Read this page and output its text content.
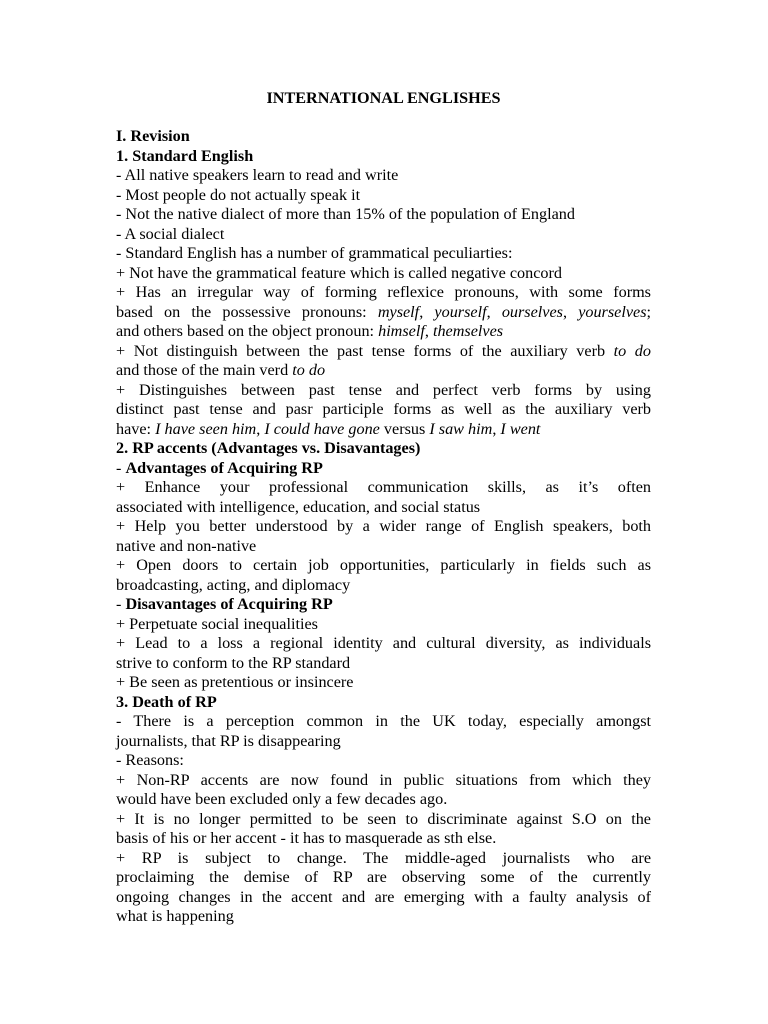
INTERNATIONAL ENGLISHES
I. Revision
1. Standard English
- All native speakers learn to read and write
- Most people do not actually speak it
- Not the native dialect of more than 15% of the population of England
- A social dialect
- Standard English has a number of grammatical peculiarties:
+ Not have the grammatical feature which is called negative concord
+ Has an irregular way of forming reflexice pronouns, with some forms
based on the possessive pronouns: myself, yourself, ourselves, yourselves;
and others based on the object pronoun: himself, themselves
+ Not distinguish between the past tense forms of the auxiliary verb to do
and those of the main verd to do
+ Distinguishes between past tense and perfect verb forms by using
distinct past tense and pasr participle forms as well as the auxiliary verb
have: I have seen him, I could have gone versus I saw him, I went
2. RP accents (Advantages vs. Disavantages)
- Advantages of Acquiring RP
+ Enhance your professional communication skills, as it’s often
associated with intelligence, education, and social status
+ Help you better understood by a wider range of English speakers, both
native and non-native
+ Open doors to certain job opportunities, particularly in fields such as
broadcasting, acting, and diplomacy
- Disavantages of Acquiring RP
+ Perpetuate social inequalities
+ Lead to a loss a regional identity and cultural diversity, as individuals
strive to conform to the RP standard
+ Be seen as pretentious or insincere
3. Death of RP
- There is a perception common in the UK today, especially amongst
journalists, that RP is disappearing
- Reasons:
+ Non-RP accents are now found in public situations from which they
would have been excluded only a few decades ago.
+ It is no longer permitted to be seen to discriminate against S.O on the
basis of his or her accent - it has to masquerade as sth else.
+ RP is subject to change. The middle-aged journalists who are
proclaiming the demise of RP are observing some of the currently
ongoing changes in the accent and are emerging with a faulty analysis of
what is happening
